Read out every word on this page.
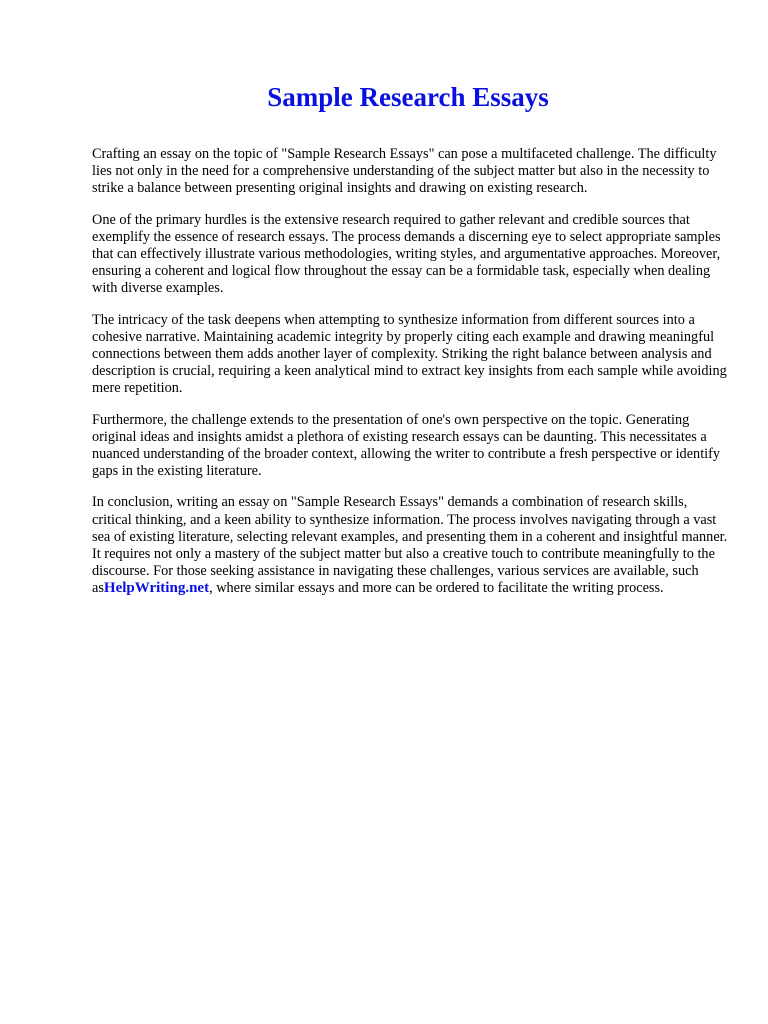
Sample Research Essays

Crafting an essay on the topic of "Sample Research Essays" can pose a multifaceted challenge. The difficulty lies not only in the need for a comprehensive understanding of the subject matter but also in the necessity to strike a balance between presenting original insights and drawing on existing research.

One of the primary hurdles is the extensive research required to gather relevant and credible sources that exemplify the essence of research essays. The process demands a discerning eye to select appropriate samples that can effectively illustrate various methodologies, writing styles, and argumentative approaches. Moreover, ensuring a coherent and logical flow throughout the essay can be a formidable task, especially when dealing with diverse examples.

The intricacy of the task deepens when attempting to synthesize information from different sources into a cohesive narrative. Maintaining academic integrity by properly citing each example and drawing meaningful connections between them adds another layer of complexity. Striking the right balance between analysis and description is crucial, requiring a keen analytical mind to extract key insights from each sample while avoiding mere repetition.

Furthermore, the challenge extends to the presentation of one's own perspective on the topic. Generating original ideas and insights amidst a plethora of existing research essays can be daunting. This necessitates a nuanced understanding of the broader context, allowing the writer to contribute a fresh perspective or identify gaps in the existing literature.

In conclusion, writing an essay on "Sample Research Essays" demands a combination of research skills, critical thinking, and a keen ability to synthesize information. The process involves navigating through a vast sea of existing literature, selecting relevant examples, and presenting them in a coherent and insightful manner. It requires not only a mastery of the subject matter but also a creative touch to contribute meaningfully to the discourse. For those seeking assistance in navigating these challenges, various services are available, such asHelpWriting.net, where similar essays and more can be ordered to facilitate the writing process.
